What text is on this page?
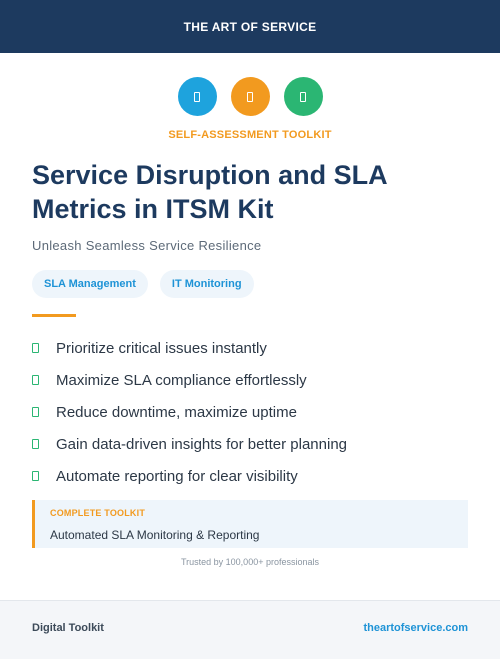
THE ART OF SERVICE
SELF-ASSESSMENT TOOLKIT
Service Disruption and SLA
Metrics in ITSM Kit
Unleash Seamless Service Resilience
SLA Management	IT Monitoring
Prioritize critical issues instantly
Maximize SLA compliance effortlessly
Reduce downtime, maximize uptime
Gain data-driven insights for better planning
Automate reporting for clear visibility
COMPLETE TOOLKIT
Automated SLA Monitoring & Reporting
Trusted by 100,000+ professionals
Digital Toolkit	theartofservice.com
